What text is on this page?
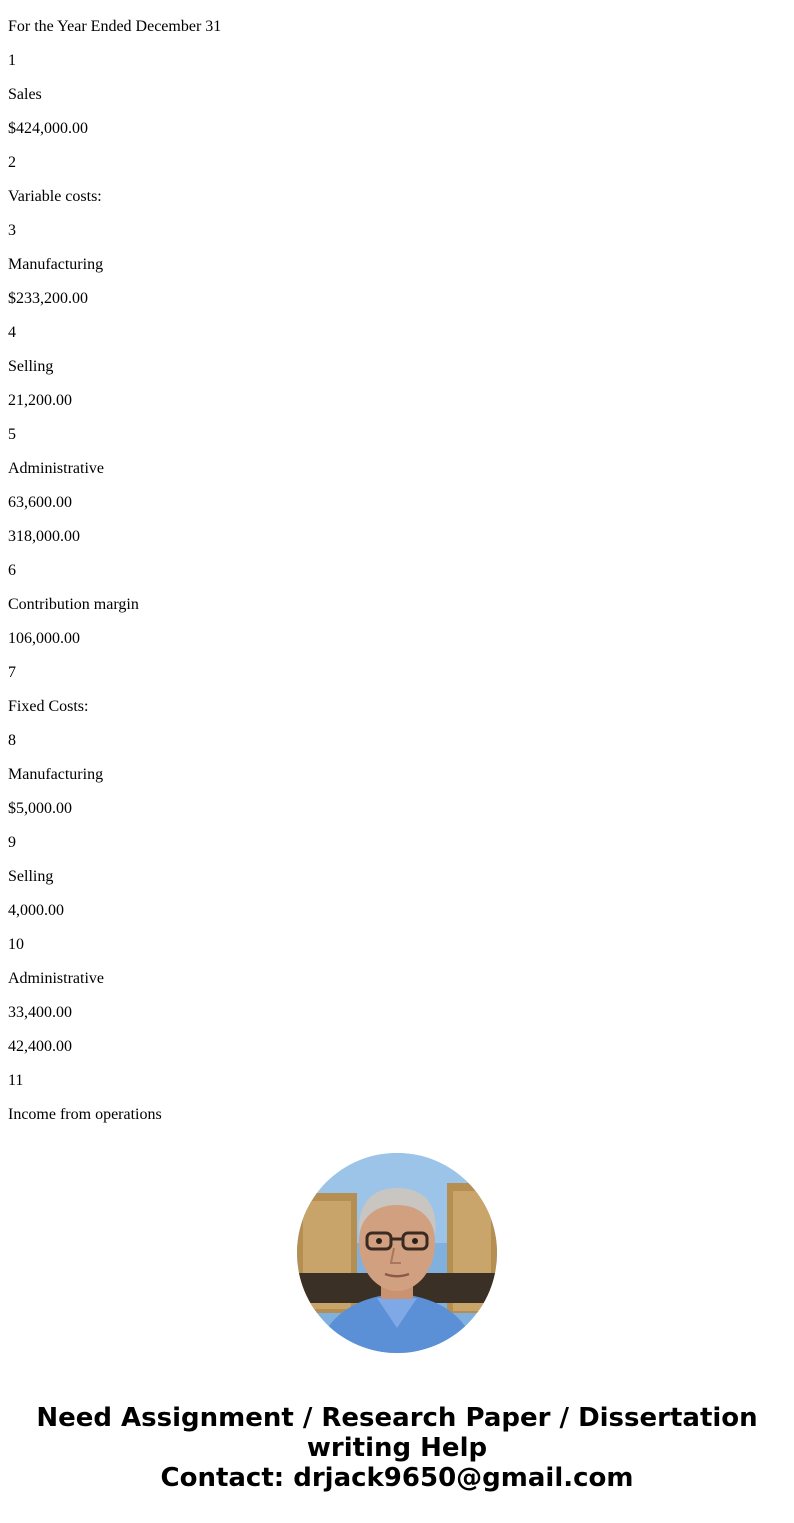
For the Year Ended December 31

1

Sales

$424,000.00

2

Variable costs:

3

Manufacturing

$233,200.00

4

Selling

21,200.00

5

Administrative

63,600.00

318,000.00

6

Contribution margin

106,000.00

7

Fixed Costs:

8

Manufacturing

$5,000.00

9

Selling

4,000.00

10

Administrative

33,400.00

42,400.00

11

Income from operations

Need Assignment / Research Paper / Dissertation
writing Help
Contact: drjack9650@gmail.com
